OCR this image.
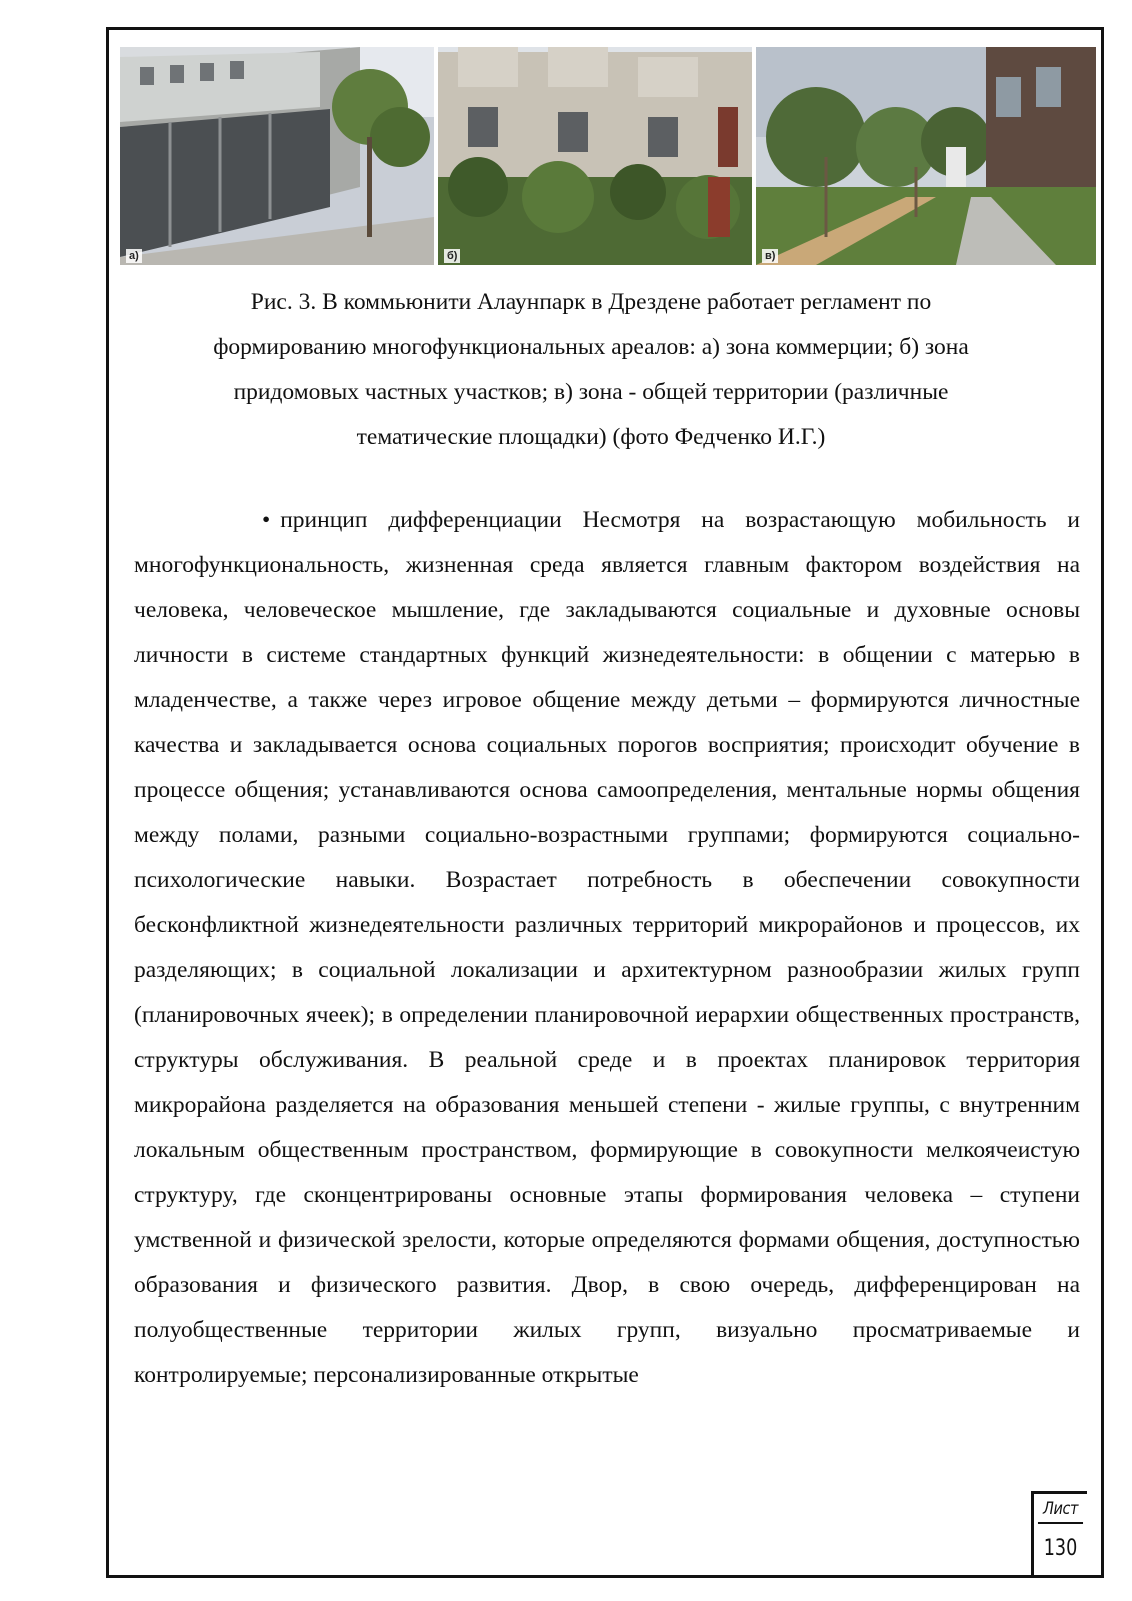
а)	б)	в)
Рис. 3. В коммьюнити Алаунпарк в Дрездене работает регламент по
формированию многофункциональных ареалов: а) зона коммерции; б) зона
придомовых частных участков; в) зона - общей территории (различные
тематические площадки) (фото Федченко И.Г.)

• принцип дифференциации Несмотря на возрастающую мобильность и многофункциональность, жизненная среда является главным фактором воздействия на человека, человеческое мышление, где закладываются социальные и духовные основы личности в системе стандартных функций жизнедеятельности: в общении с матерью в младенчестве, а также через игровое общение между детьми – формируются личностные качества и закладывается основа социальных порогов восприятия; происходит обучение в процессе общения; устанавливаются основа самоопределения, ментальные нормы общения между полами, разными социально-возрастными группами; формируются социально-психологические навыки. Возрастает потребность в обеспечении совокупности бесконфликтной жизнедеятельности различных территорий микрорайонов и процессов, их разделяющих; в социальной локализации и архитектурном разнообразии жилых групп (планировочных ячеек); в определении планировочной иерархии общественных пространств, структуры обслуживания. В реальной среде и в проектах планировок территория микрорайона разделяется на образования меньшей степени - жилые группы, с внутренним локальным общественным пространством, формирующие в совокупности мелкоячеистую структуру, где сконцентрированы основные этапы формирования человека – ступени умственной и физической зрелости, которые определяются формами общения, доступностью образования и физического развития. Двор, в свою очередь, дифференцирован на полуобщественные территории жилых групп, визуально просматриваемые и контролируемые; персонализированные открытые

Лист
130
